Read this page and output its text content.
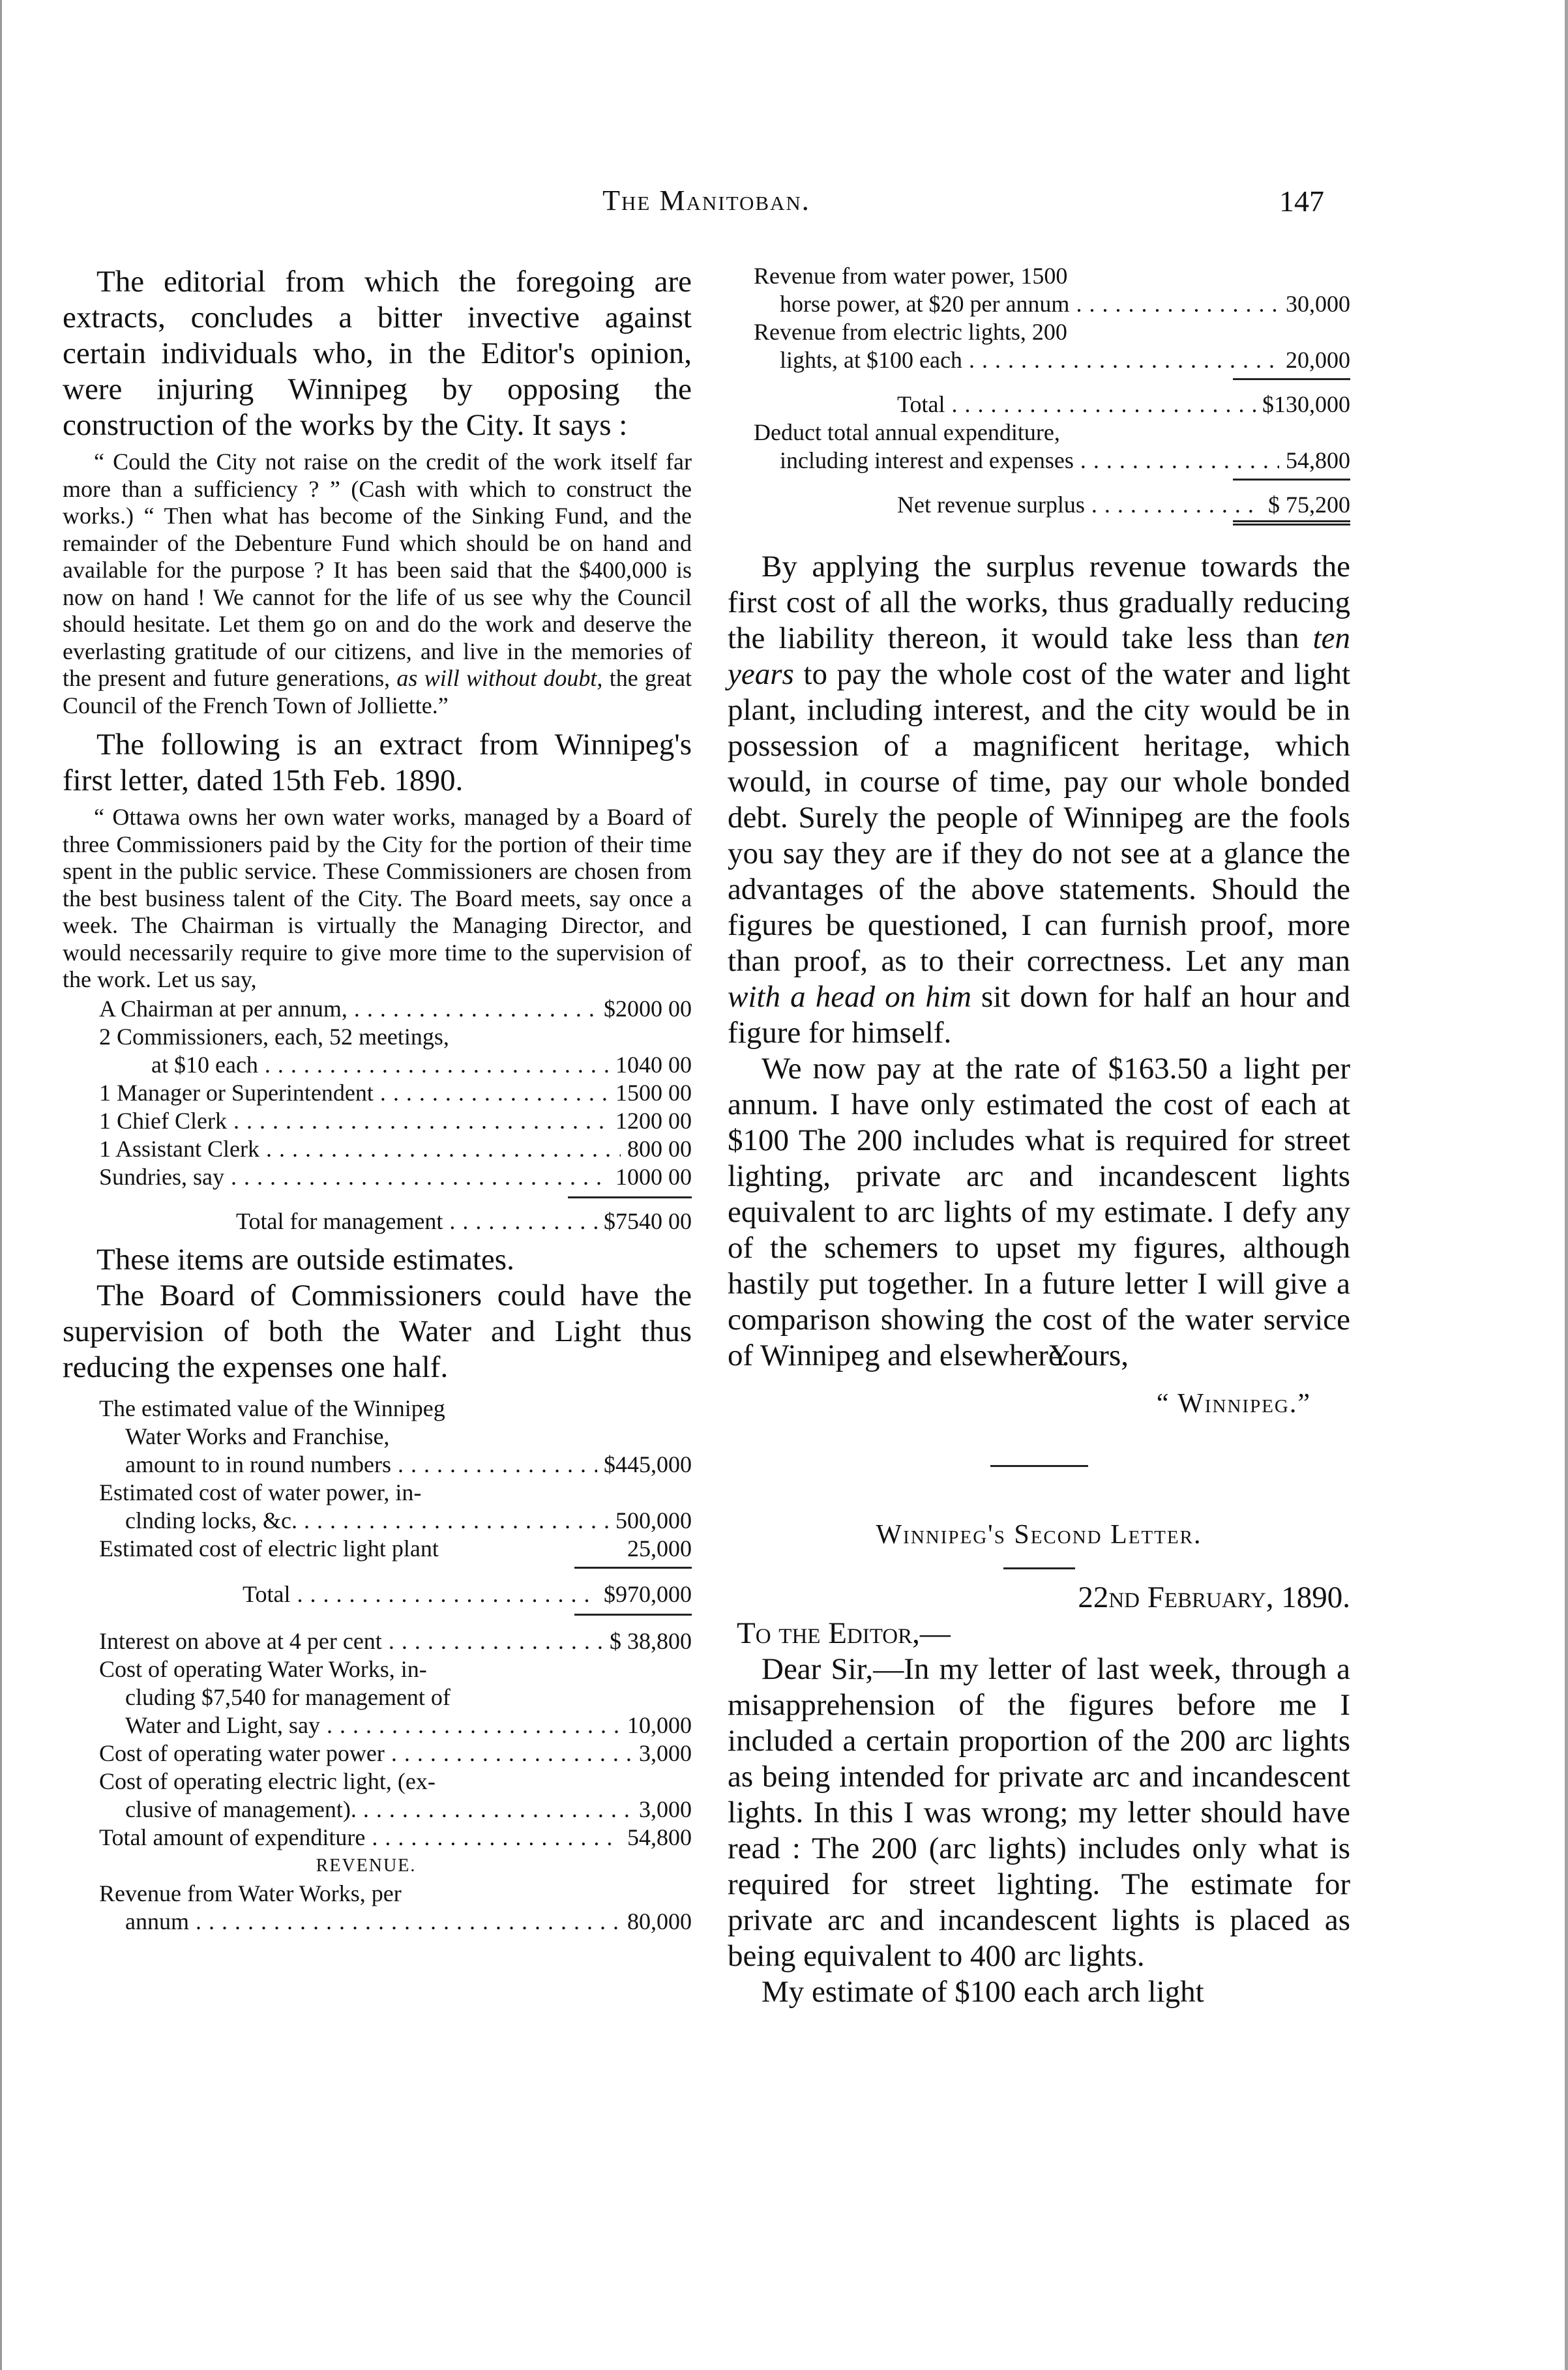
The Manitoban.	147

The editorial from which the foregoing are extracts, concludes a bitter invective against certain individuals who, in the Editor's opinion, were injuring Winnipeg by opposing the construction of the works by the City. It says :

“ Could the City not raise on the credit of the work itself far more than a sufficiency ? ” (Cash with which to construct the works.) “ Then what has become of the Sinking Fund, and the remainder of the Debenture Fund which should be on hand and available for the purpose ? It has been said that the $400,000 is now on hand ! We cannot for the life of us see why the Council should hesitate. Let them go on and do the work and deserve the everlasting gratitude of our citizens, and live in the memories of the present and future generations, as will without doubt, the great Council of the French Town of Jolliette.”

The following is an extract from Winnipeg's first letter, dated 15th Feb. 1890.

“ Ottawa owns her own water works, managed by a Board of three Commissioners paid by the City for the portion of their time spent in the public service. These Commissioners are chosen from the best business talent of the City. The Board meets, say once a week. The Chairman is virtually the Managing Director, and would necessarily require to give more time to the supervision of the work. Let us say,

A Chairman at per annum, . . .	$2000 00
2 Commissioners, each, 52 meetings,
at $10 each . . .	1040 00
1 Manager or Superintendent . . .	1500 00
1 Chief Clerk . . .	1200 00
1 Assistant Clerk . . .	800 00
Sundries, say . . .	1000 00
Total for management . . .	$7540 00

These items are outside estimates.

The Board of Commissioners could have the supervision of both the Water and Light thus reducing the expenses one half.

The estimated value of the Winnipeg
Water Works and Franchise,
amount to in round numbers . . .	$445,000
Estimated cost of water power, in-
clnding locks, &c. . . .	500,000
Estimated cost of electric light plant	25,000
Total . . .	$970,000
Interest on above at 4 per cent . . .	$ 38,800
Cost of operating Water Works, in-
cluding $7,540 for management of
Water and Light, say . . .	10,000
Cost of operating water power . . .	3,000
Cost of operating electric light, (ex-
clusive of management). . . .	3,000
Total amount of expenditure . . .	54,800
REVENUE.
Revenue from Water Works, per
annum . . .	80,000
Revenue from water power, 1500
horse power, at $20 per annum . . .	30,000
Revenue from electric lights, 200
lights, at $100 each . . .	20,000
Total . . .	$130,000
Deduct total annual expenditure,
including interest and expenses . . .	54,800
Net revenue surplus . . .	$ 75,200

By applying the surplus revenue towards the first cost of all the works, thus gradually reducing the liability thereon, it would take less than ten years to pay the whole cost of the water and light plant, including interest, and the city would be in possession of a magnificent heritage, which would, in course of time, pay our whole bonded debt. Surely the people of Winnipeg are the fools you say they are if they do not see at a glance the advantages of the above statements. Should the figures be questioned, I can furnish proof, more than proof, as to their correctness. Let any man with a head on him sit down for half an hour and figure for himself.

We now pay at the rate of $163.50 a light per annum. I have only estimated the cost of each at $100 The 200 includes what is required for street lighting, private arc and incandescent lights equivalent to arc lights of my estimate. I defy any of the schemers to upset my figures, although hastily put together. In a future letter I will give a comparison showing the cost of the water service of Winnipeg and elsewhere.

Yours,

“ Winnipeg.”

Winnipeg's Second Letter.

22nd February, 1890.

To the Editor,—

Dear Sir,—In my letter of last week, through a misapprehension of the figures before me I included a certain proportion of the 200 arc lights as being intended for private arc and incandescent lights. In this I was wrong; my letter should have read : The 200 (arc lights) includes only what is required for street lighting. The estimate for private arc and incandescent lights is placed as being equivalent to 400 arc lights.

My estimate of $100 each arch light
